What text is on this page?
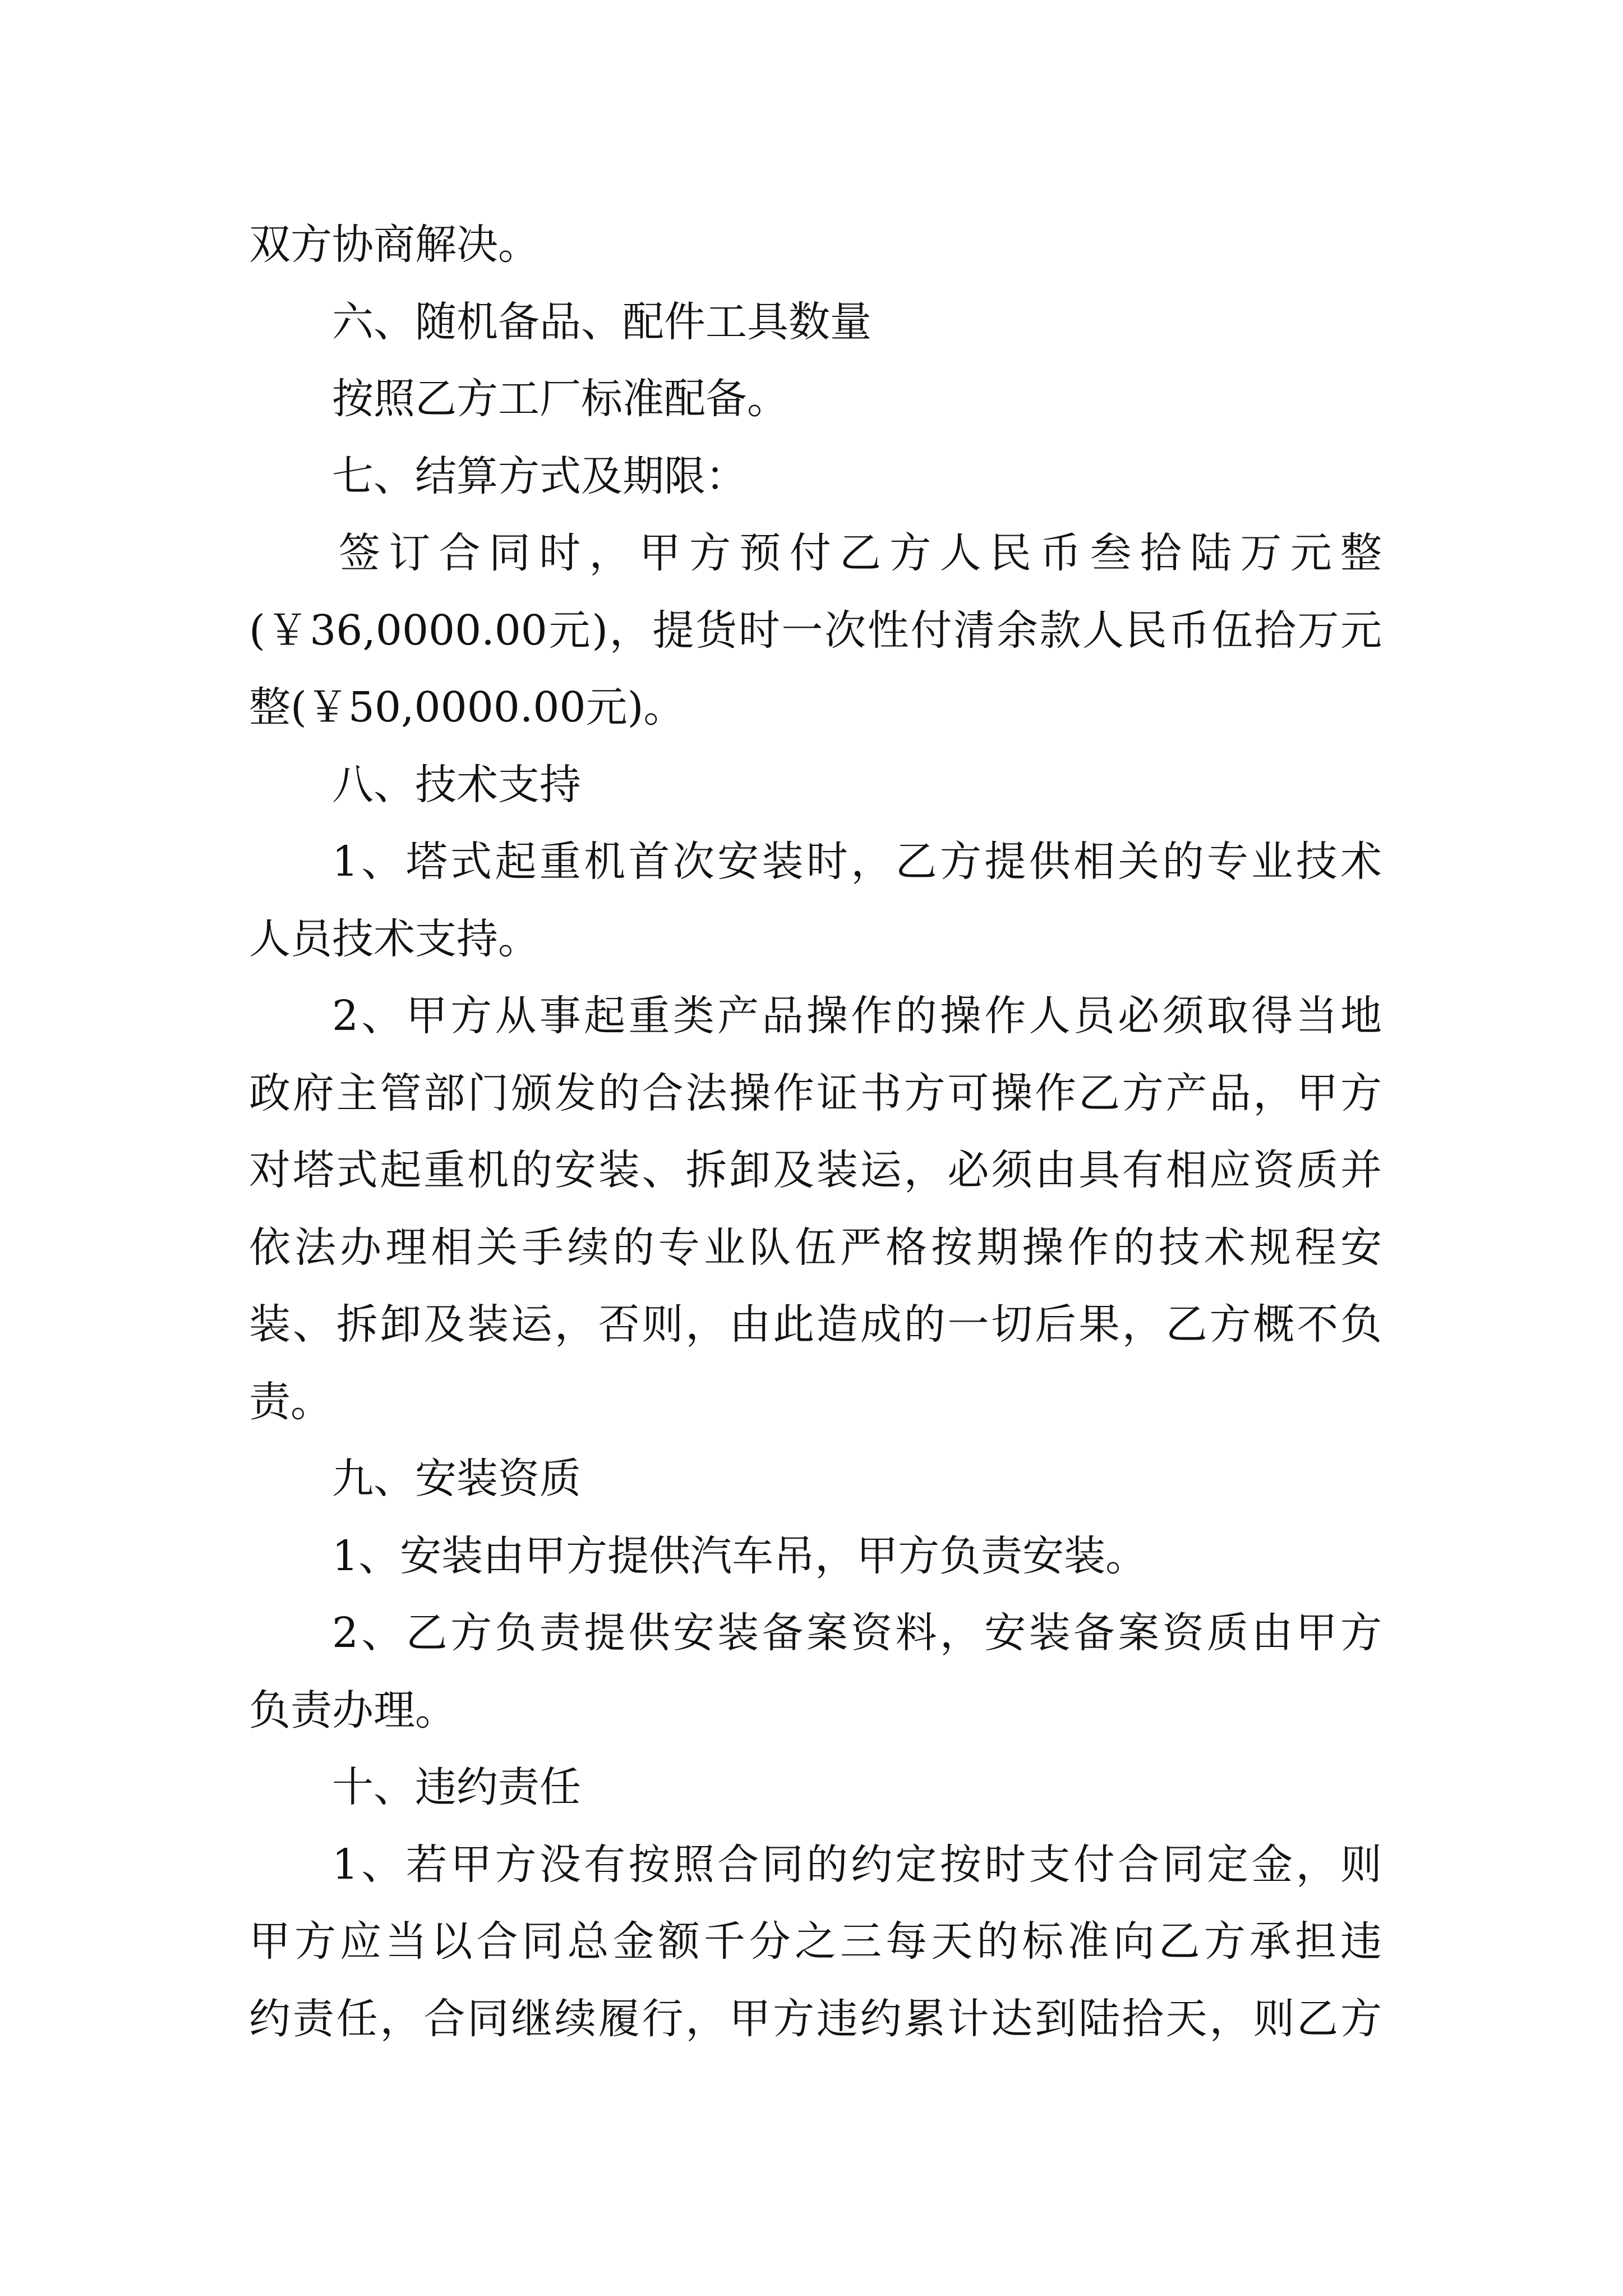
双方协商解决。
六、随机备品、配件工具数量
按照乙方工厂标准配备。
七、结算方式及期限：
签订合同时，甲方预付乙方人民币叁拾陆万元整
(￥36,0000.00元)，提货时一次性付清余款人民币伍拾万元
整(￥50,0000.00元)。
八、技术支持
1、塔式起重机首次安装时，乙方提供相关的专业技术
人员技术支持。
2、甲方从事起重类产品操作的操作人员必须取得当地
政府主管部门颁发的合法操作证书方可操作乙方产品，甲方
对塔式起重机的安装、拆卸及装运，必须由具有相应资质并
依法办理相关手续的专业队伍严格按期操作的技术规程安
装、拆卸及装运，否则，由此造成的一切后果，乙方概不负
责。
九、安装资质
1、安装由甲方提供汽车吊，甲方负责安装。
2、乙方负责提供安装备案资料，安装备案资质由甲方
负责办理。
十、违约责任
1、若甲方没有按照合同的约定按时支付合同定金，则
甲方应当以合同总金额千分之三每天的标准向乙方承担违
约责任，合同继续履行，甲方违约累计达到陆拾天，则乙方
